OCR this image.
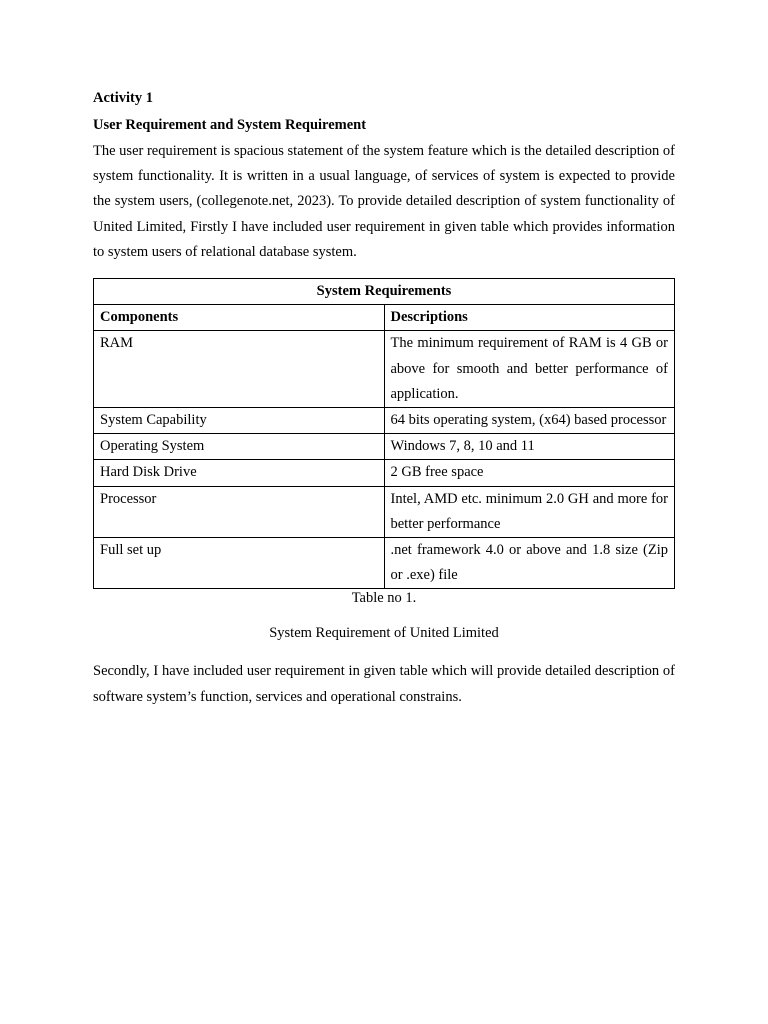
Activity 1
User Requirement and System Requirement

The user requirement is spacious statement of the system feature which is the detailed description of system functionality. It is written in a usual language, of services of system is expected to provide the system users, (collegenote.net, 2023). To provide detailed description of system functionality of United Limited, Firstly I have included user requirement in given table which provides information to system users of relational database system.

System Requirements	
Components	Descriptions
RAM	The minimum requirement of RAM is 4 GB or above for smooth and better performance of application.
System Capability	64 bits operating system, (x64) based processor
Operating System	Windows 7, 8, 10 and 11
Hard Disk Drive	2 GB free space
Processor	Intel, AMD etc. minimum 2.0 GH and more for better performance
Full set up	.net framework 4.0 or above and 1.8 size (Zip or .exe) file

Table no 1.

System Requirement of United Limited

Secondly, I have included user requirement in given table which will provide detailed description of software system’s function, services and operational constrains.
